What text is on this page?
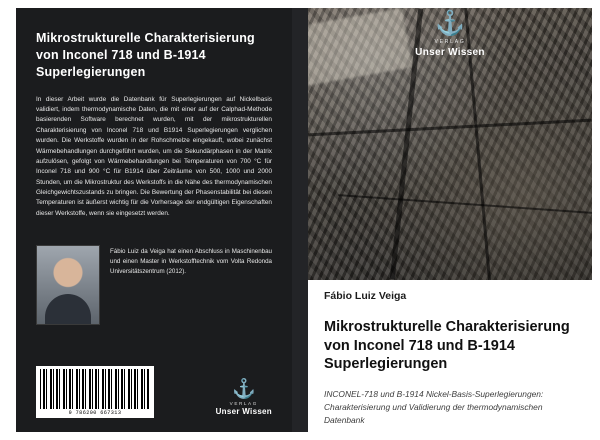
Mikrostrukturelle Charakterisierung von Inconel 718 und B-1914 Superlegierungen

In dieser Arbeit wurde die Datenbank für Superlegierungen auf Nickelbasis validiert, indem thermodynamische Daten, die mit einer auf der Calphad-Methode basierenden Software berechnet wurden, mit der mikrostrukturellen Charakterisierung von Inconel 718 und B1914 Superlegierungen verglichen wurden. Die Werkstoffe wurden in der Rohschmelze eingekauft, wobei zunächst Wärmebehandlungen durchgeführt wurden, um die Sekundärphasen in der Matrix aufzulösen, gefolgt von Wärmebehandlungen bei Temperaturen von 700 °C für Inconel 718 und 900 °C für B1914 über Zeiträume von 500, 1000 und 2000 Stunden, um die Mikrostruktur des Werkstoffs in die Nähe des thermodynamischen Gleichgewichtszustands zu bringen. Die Bewertung der Phasenstabilität bei diesen Temperaturen ist äußerst wichtig für die Vorhersage der endgültigen Eigenschaften dieser Werkstoffe, wenn sie eingesetzt werden.

Fábio Luiz da Veiga hat einen Abschluss in Maschinenbau und einen Master in Werkstofftechnik vom Volta Redonda Universitätszentrum (2012).
9 786200 667313
⚓
VERLAG
Unser Wissen
⚓
VERLAG
Unser Wissen
Fábio Luiz Veiga
Mikrostrukturelle Charakterisierung von Inconel 718 und B-1914 Superlegierungen
INCONEL-718 und B-1914 Nickel-Basis-Superlegierungen: Charakterisierung und Validierung der thermodynamischen Datenbank
